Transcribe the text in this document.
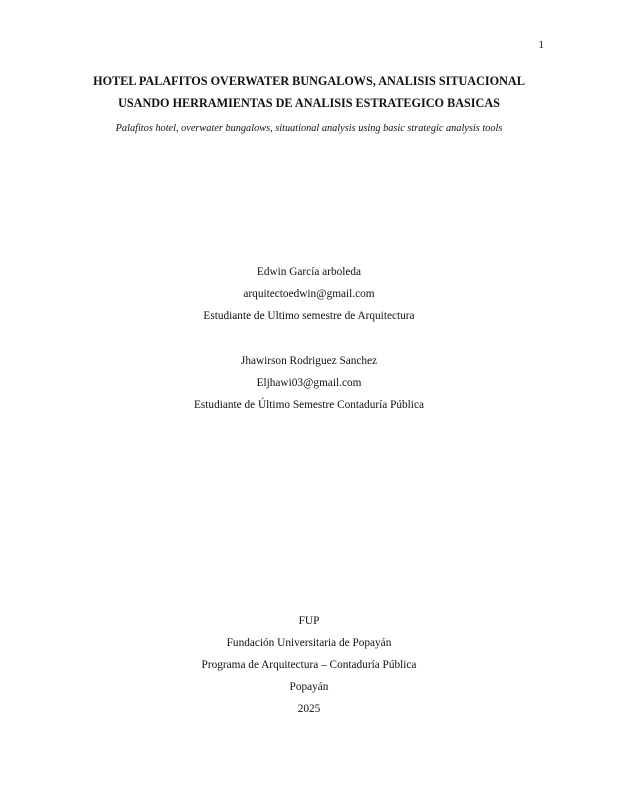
1
HOTEL PALAFITOS OVERWATER BUNGALOWS, ANALISIS SITUACIONAL
USANDO HERRAMIENTAS DE ANALISIS ESTRATEGICO BASICAS
Palafitos hotel, overwater bungalows, situational analysis using basic strategic analysis tools
Edwin García arboleda
arquitectoedwin@gmail.com
Estudiante de Ultimo semestre de Arquitectura
Jhawirson Rodriguez Sanchez
Eljhawi03@gmail.com
Estudiante de Último Semestre Contaduría Pública
FUP
Fundación Universitaria de Popayán
Programa de Arquitectura – Contaduría Pública
Popayán
2025
